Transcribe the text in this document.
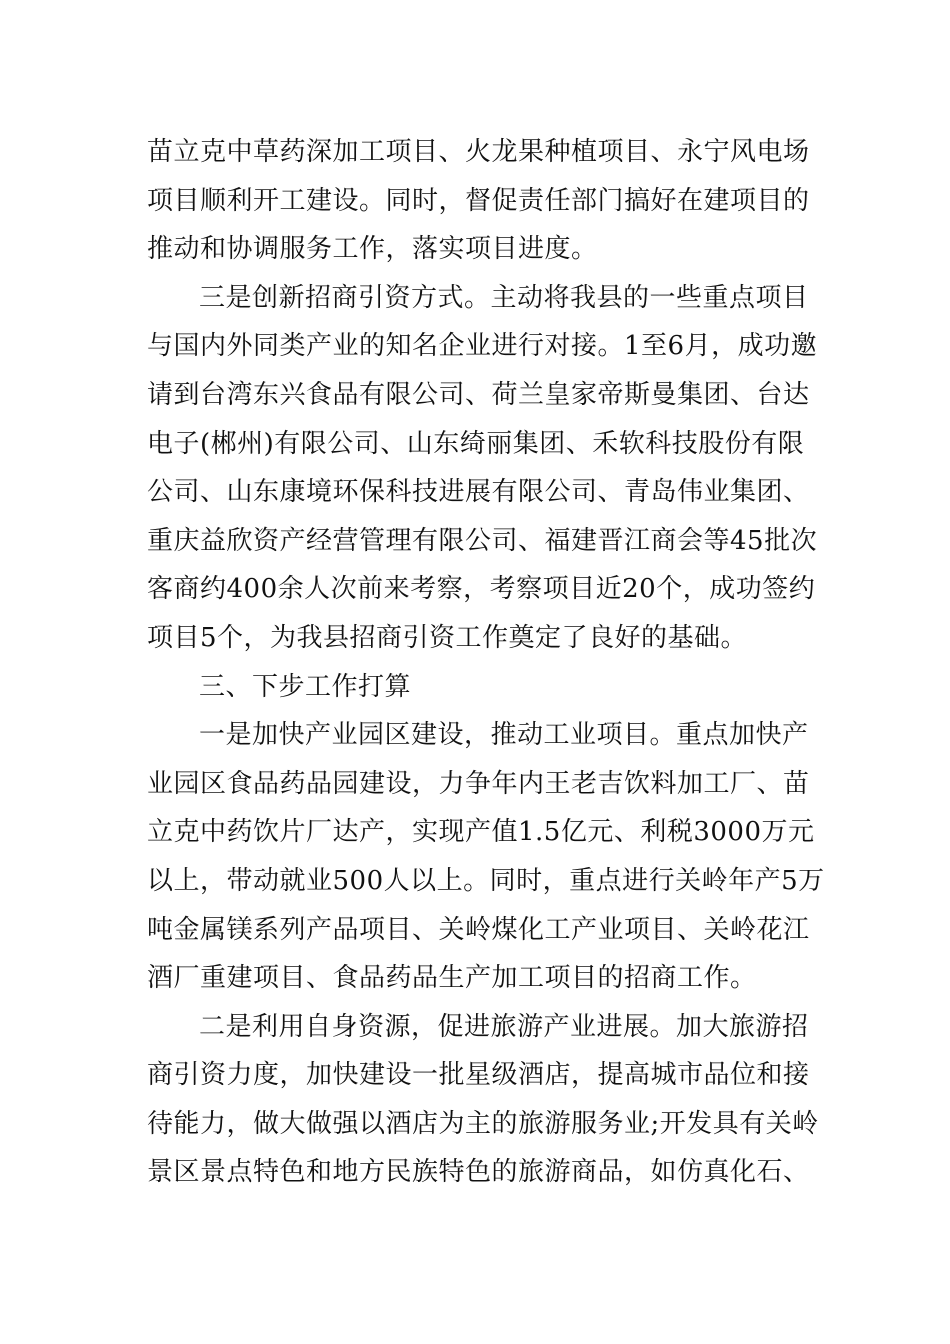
苗立克中草药深加工项目、火龙果种植项目、永宁风电场
项目顺利开工建设。同时，督促责任部门搞好在建项目的
推动和协调服务工作，落实项目进度。
三是创新招商引资方式。主动将我县的一些重点项目
与国内外同类产业的知名企业进行对接。1至6月，成功邀
请到台湾东兴食品有限公司、荷兰皇家帝斯曼集团、台达
电子(郴州)有限公司、山东绮丽集团、禾软科技股份有限
公司、山东康境环保科技进展有限公司、青岛伟业集团、
重庆益欣资产经营管理有限公司、福建晋江商会等45批次
客商约400余人次前来考察，考察项目近20个，成功签约
项目5个，为我县招商引资工作奠定了良好的基础。
三、下步工作打算
一是加快产业园区建设，推动工业项目。重点加快产
业园区食品药品园建设，力争年内王老吉饮料加工厂、苗
立克中药饮片厂达产，实现产值1.5亿元、利税3000万元
以上，带动就业500人以上。同时，重点进行关岭年产5万
吨金属镁系列产品项目、关岭煤化工产业项目、关岭花江
酒厂重建项目、食品药品生产加工项目的招商工作。
二是利用自身资源，促进旅游产业进展。加大旅游招
商引资力度，加快建设一批星级酒店，提高城市品位和接
待能力，做大做强以酒店为主的旅游服务业;开发具有关岭
景区景点特色和地方民族特色的旅游商品，如仿真化石、
